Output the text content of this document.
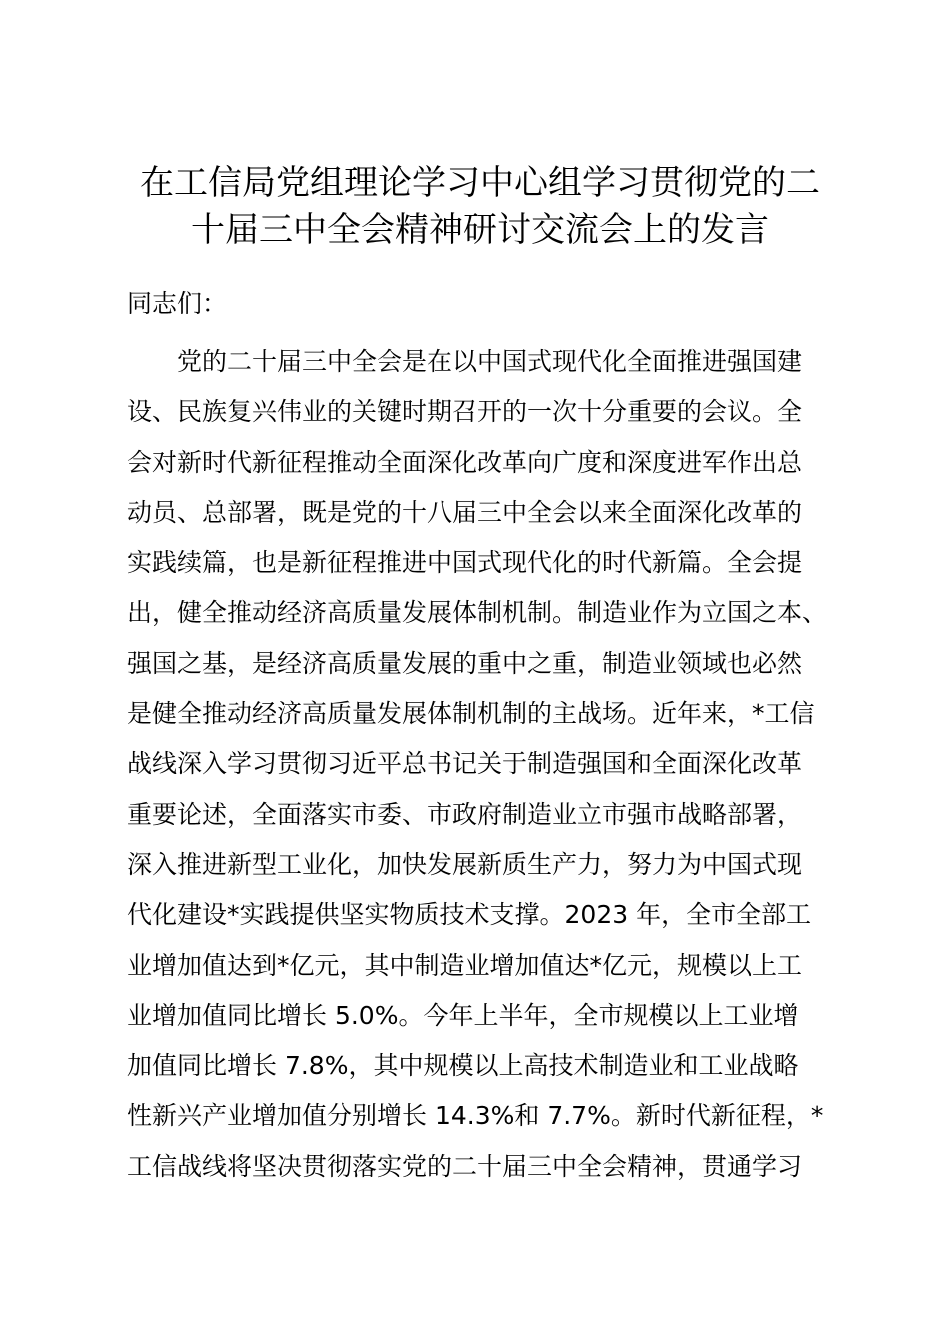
在工信局党组理论学习中心组学习贯彻党的二
十届三中全会精神研讨交流会上的发言

同志们：

党的二十届三中全会是在以中国式现代化全面推进强国建
设、民族复兴伟业的关键时期召开的一次十分重要的会议。全
会对新时代新征程推动全面深化改革向广度和深度进军作出总
动员、总部署，既是党的十八届三中全会以来全面深化改革的
实践续篇，也是新征程推进中国式现代化的时代新篇。全会提
出，健全推动经济高质量发展体制机制。制造业作为立国之本、
强国之基，是经济高质量发展的重中之重，制造业领域也必然
是健全推动经济高质量发展体制机制的主战场。近年来，*工信
战线深入学习贯彻习近平总书记关于制造强国和全面深化改革
重要论述，全面落实市委、市政府制造业立市强市战略部署，
深入推进新型工业化，加快发展新质生产力，努力为中国式现
代化建设*实践提供坚实物质技术支撑。2023 年，全市全部工
业增加值达到*亿元，其中制造业增加值达*亿元，规模以上工
业增加值同比增长 5.0%。今年上半年，全市规模以上工业增
加值同比增长 7.8%，其中规模以上高技术制造业和工业战略
性新兴产业增加值分别增长 14.3%和 7.7%。新时代新征程，*
工信战线将坚决贯彻落实党的二十届三中全会精神，贯通学习
